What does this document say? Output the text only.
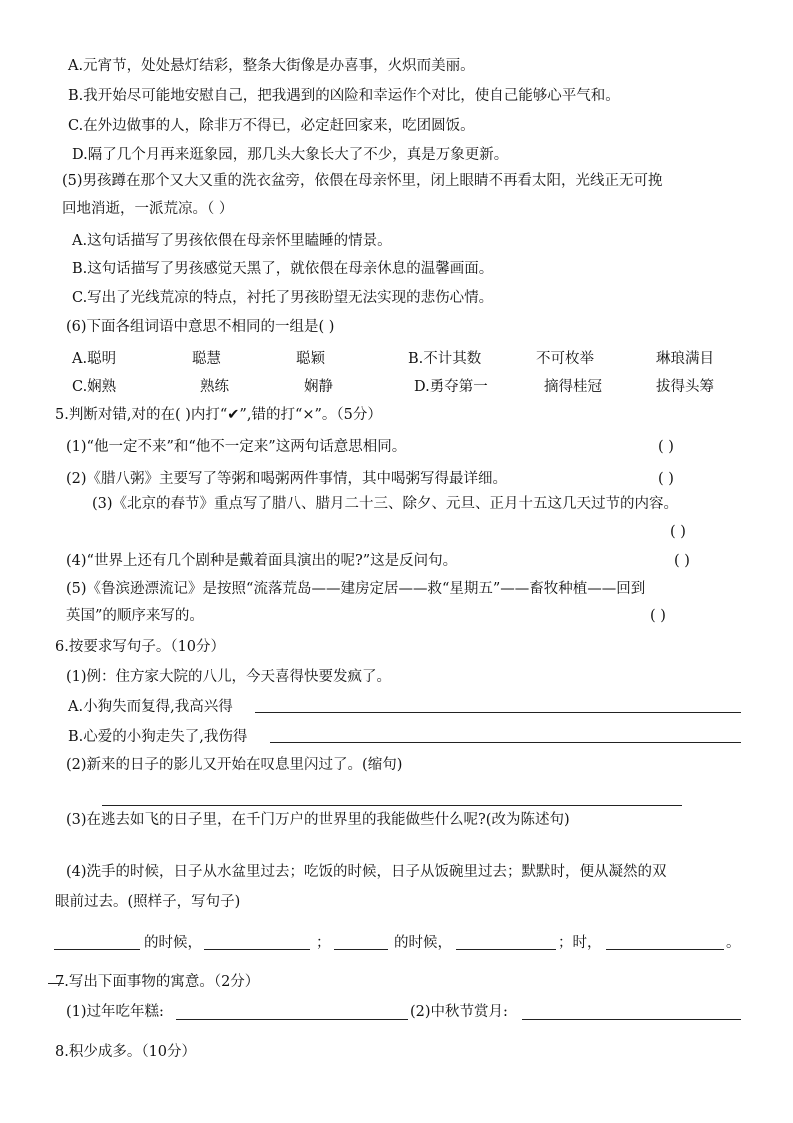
A.元宵节，处处悬灯结彩，整条大街像是办喜事，火炽而美丽。
B.我开始尽可能地安慰自己，把我遇到的凶险和幸运作个对比，使自己能够心平气和。
C.在外边做事的人，除非万不得已，必定赶回家来，吃团圆饭。
D.隔了几个月再来逛象园，那几头大象长大了不少，真是万象更新。
(5)男孩蹲在那个又大又重的洗衣盆旁，依偎在母亲怀里，闭上眼睛不再看太阳，光线正无可挽
回地消逝，一派荒凉。（ ）
A.这句话描写了男孩依偎在母亲怀里瞌睡的情景。
B.这句话描写了男孩感觉天黑了，就依偎在母亲休息的温馨画面。
C.写出了光线荒凉的特点，衬托了男孩盼望无法实现的悲伤心情。
(6)下面各组词语中意思不相同的一组是( )
A.聪明	聪慧	聪颖	B.不计其数	不可枚举	琳琅满目
C.娴熟	熟练	娴静	D.勇夺第一	摘得桂冠	拔得头筹
5.判断对错,对的在( )内打“✔”,错的打“×”。（5分）
(1)“他一定不来”和“他不一定来”这两句话意思相同。	( )
(2)《腊八粥》主要写了等粥和喝粥两件事情，其中喝粥写得最详细。	( )
(3)《北京的春节》重点写了腊八、腊月二十三、除夕、元旦、正月十五这几天过节的内容。
( )
(4)“世界上还有几个剧种是戴着面具演出的呢?”这是反问句。	( )
(5)《鲁滨逊漂流记》是按照“流落荒岛——建房定居——救“星期五”——畜牧种植——回到
英国”的顺序来写的。	( )
6.按要求写句子。（10分）
(1)例：住方家大院的八儿，今天喜得快要发疯了。
A.小狗失而复得,我高兴得
B.心爱的小狗走失了,我伤得
(2)新来的日子的影儿又开始在叹息里闪过了。(缩句)
(3)在逃去如飞的日子里，在千门万户的世界里的我能做些什么呢?(改为陈述句)
(4)洗手的时候，日子从水盆里过去；吃饭的时候，日子从饭碗里过去；默默时，便从凝然的双
眼前过去。(照样子，写句子)
的时候，	；	的时候，	；时，	。
7.写出下面事物的寓意。（2分）
(1)过年吃年糕:	(2)中秋节赏月:
8.积少成多。（10分）
